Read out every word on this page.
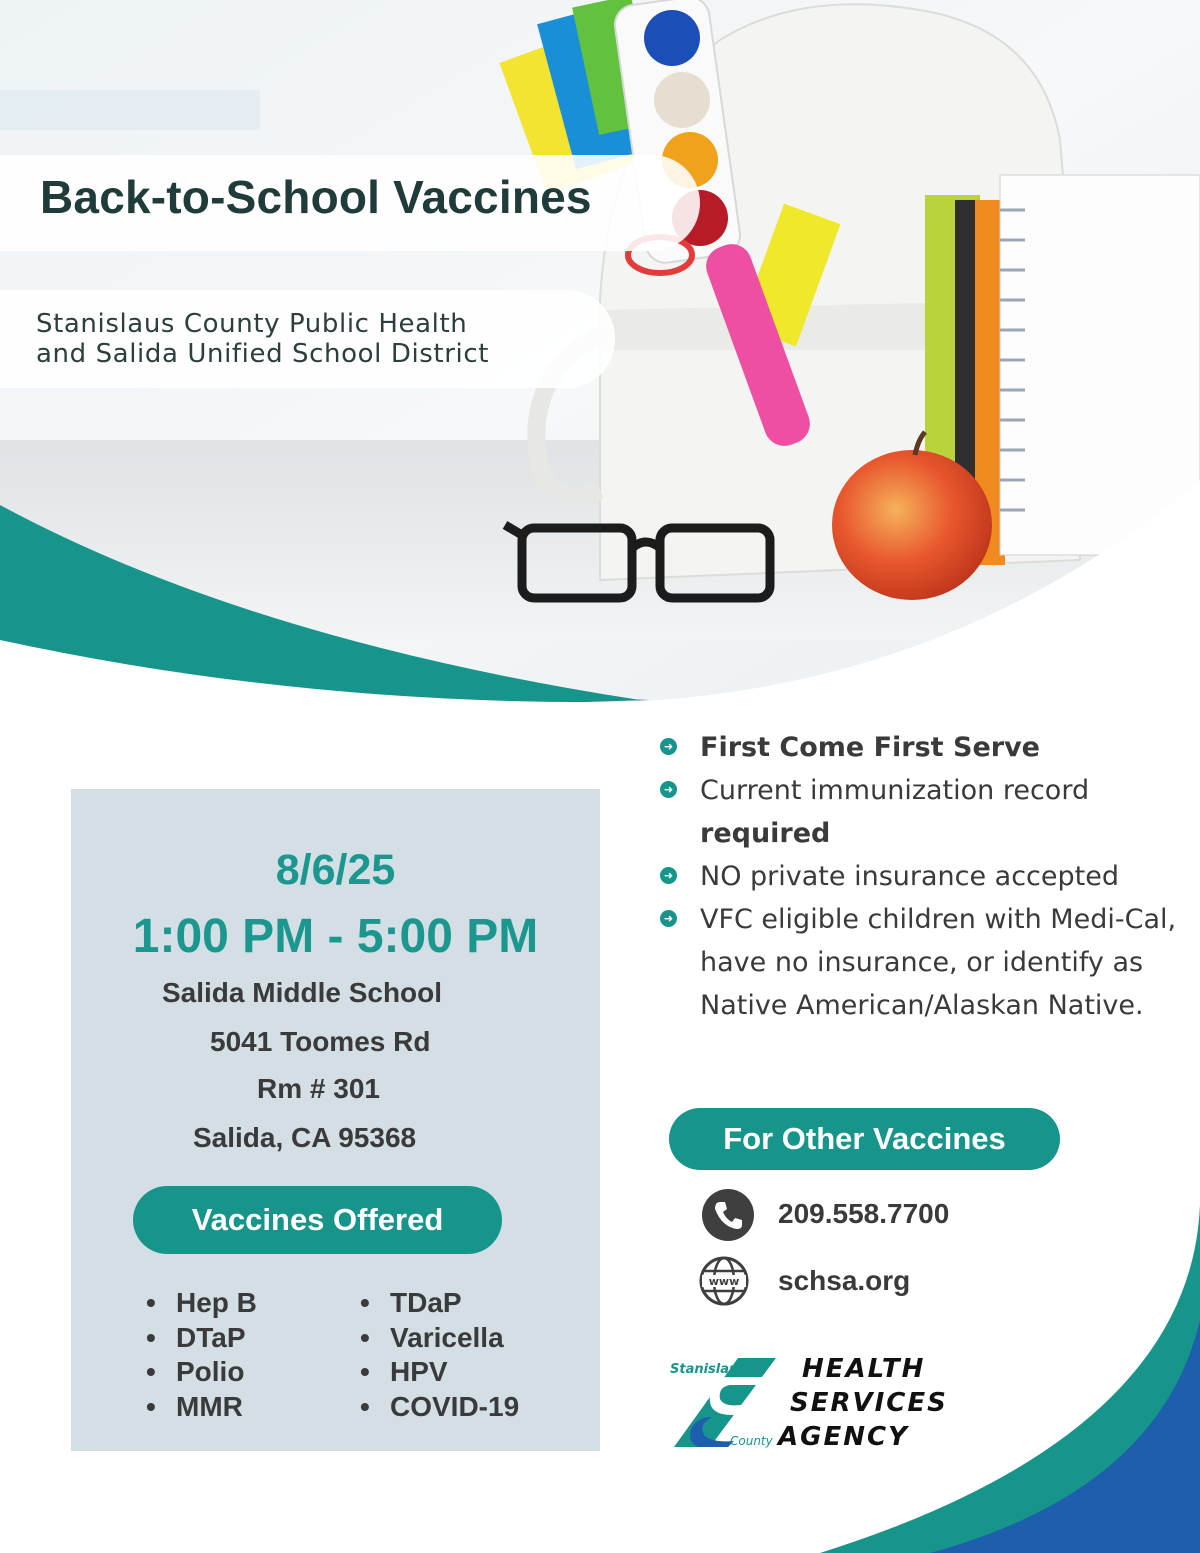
Back-to-School Vaccines
Stanislaus County Public Health
and Salida Unified School District
8/6/25
1:00 PM - 5:00 PM
Salida Middle School
5041 Toomes Rd
Rm # 301
Salida, CA 95368
Vaccines Offered
• Hep B
• DTaP
• Polio
• MMR
• TDaP
• Varicella
• HPV
• COVID-19
➜ First Come First Serve
➜ Current immunization record
required
➜ NO private insurance accepted
➜ VFC eligible children with Medi-Cal,
have no insurance, or identify as
Native American/Alaskan Native.
For Other Vaccines
209.558.7700
www schsa.org
Stanislaus
County
HEALTH
SERVICES
AGENCY
